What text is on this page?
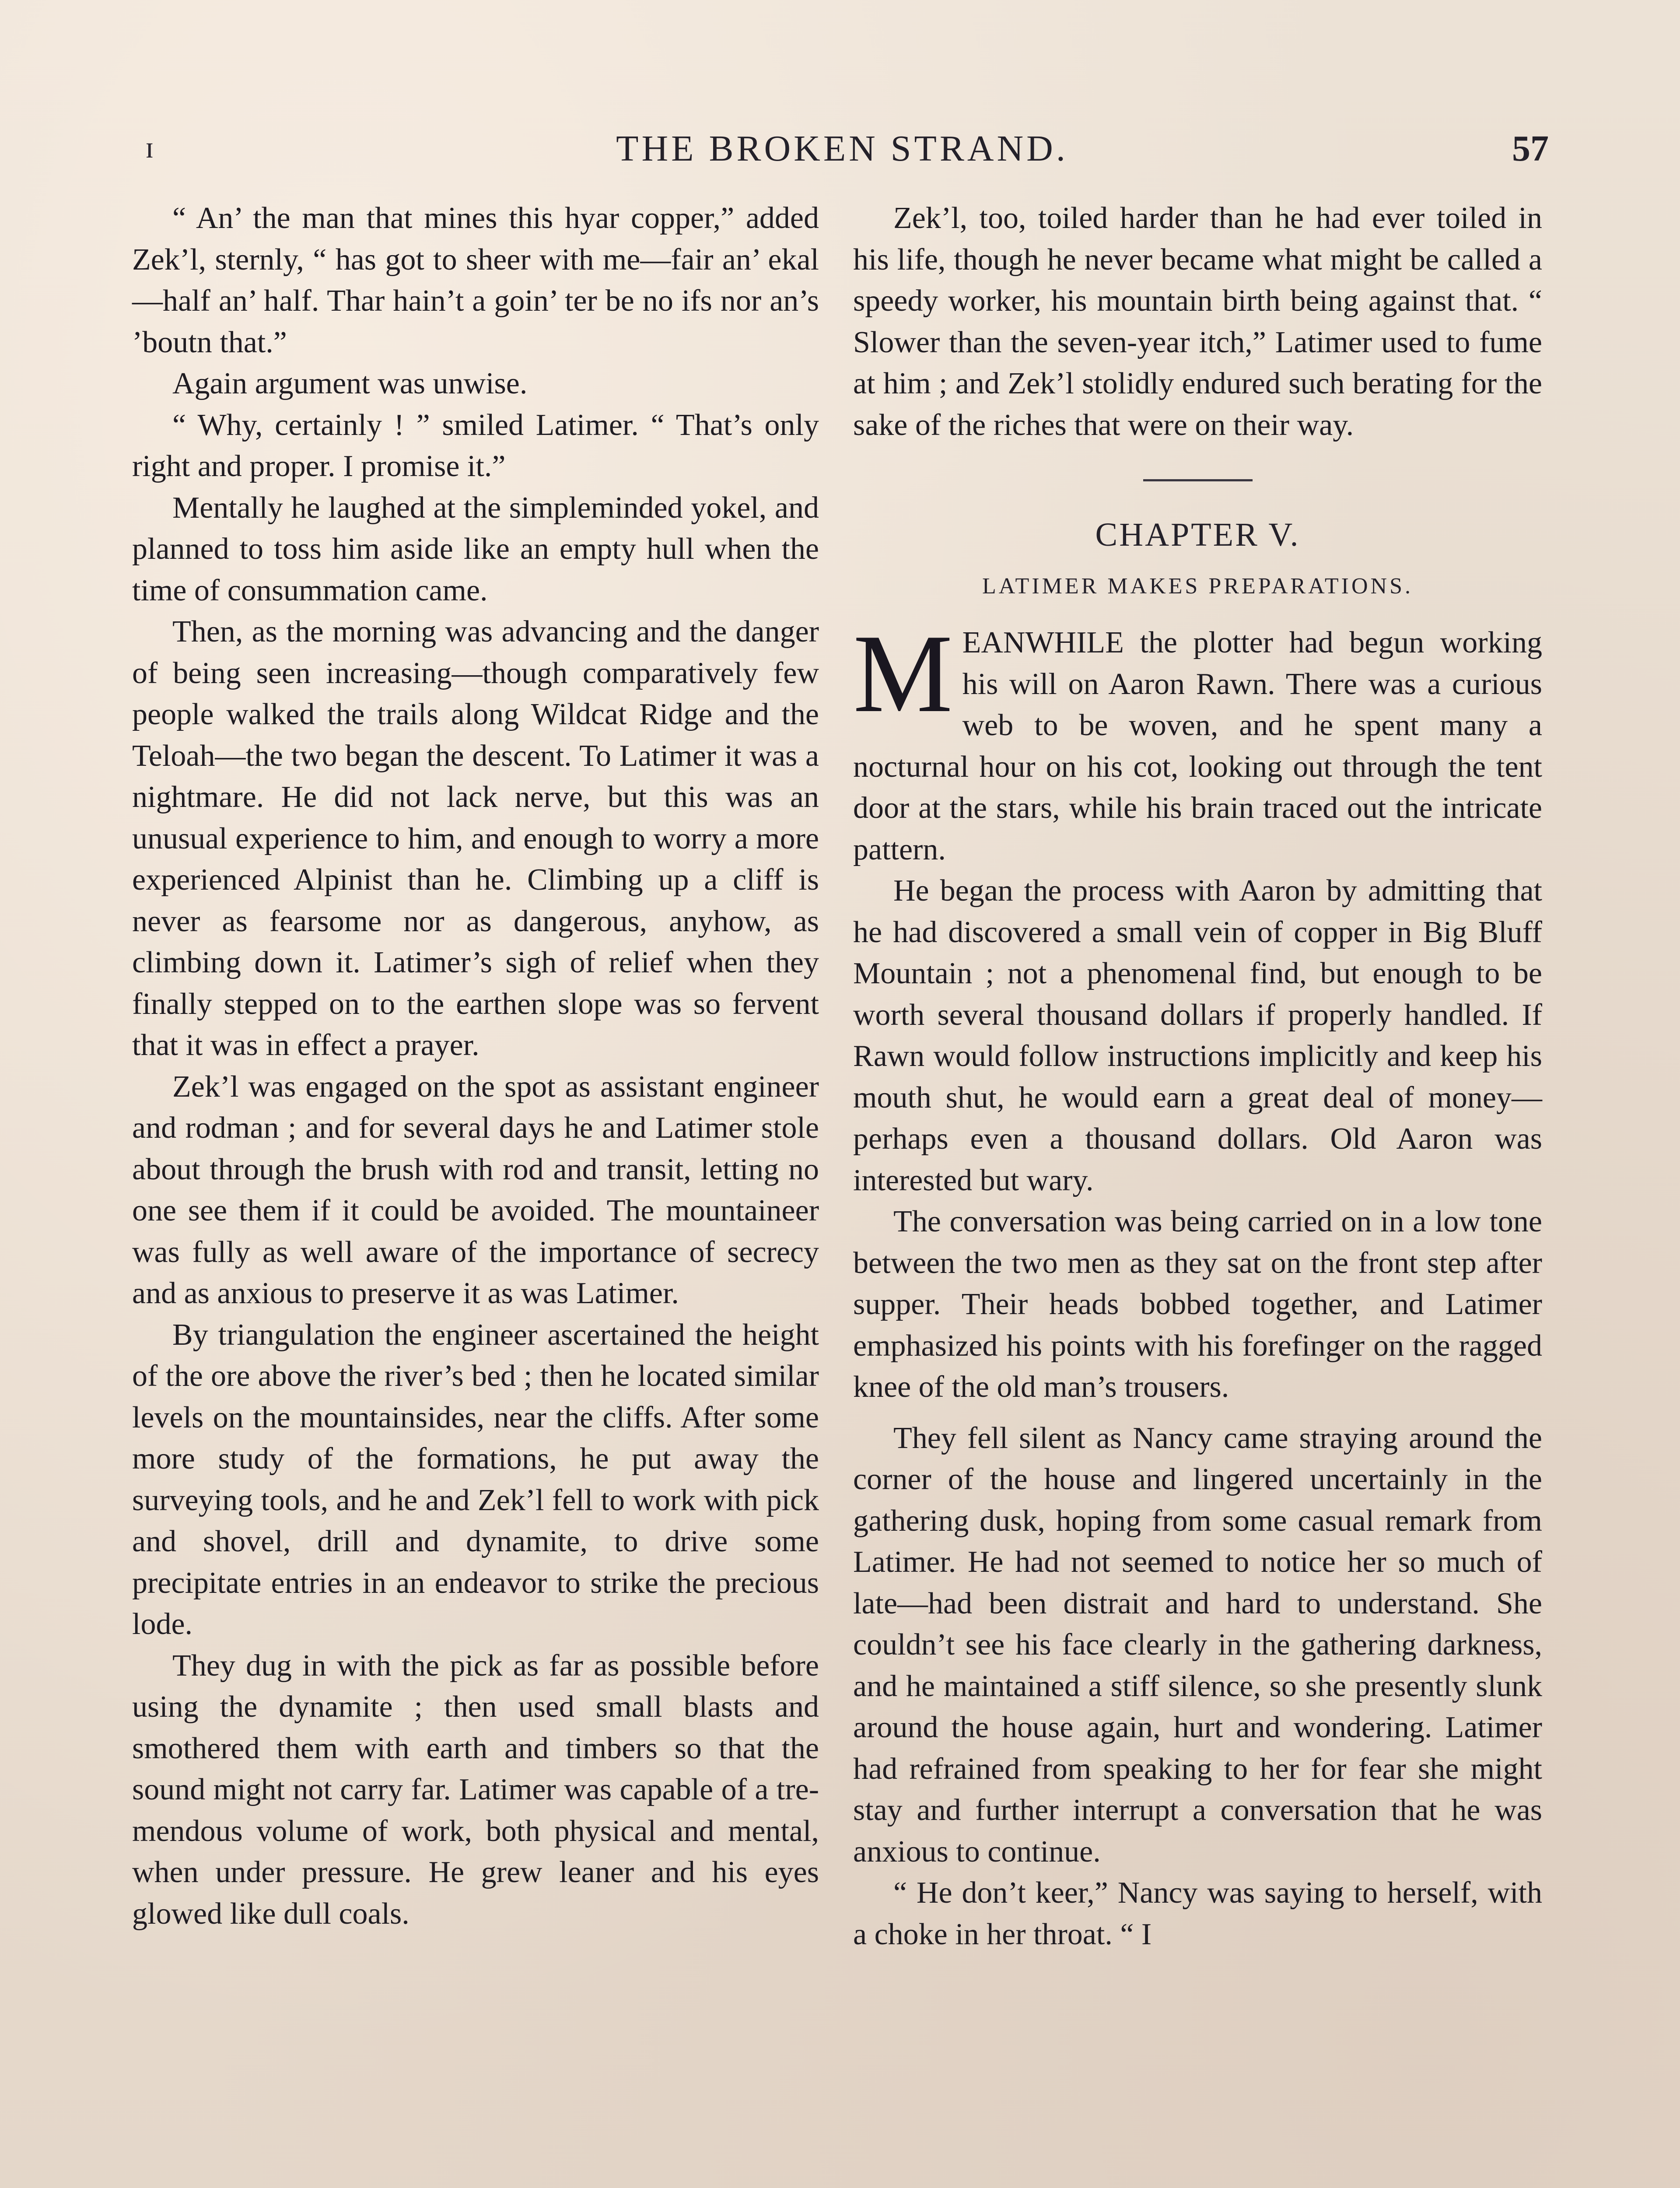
ɪ	THE BROKEN STRAND.	57

“ An’ the man that mines this hyar copper,” added Zek’l, sternly, “ has got to sheer with me—fair an’ ekal—half an’ half. Thar hain’t a goin’ ter be no ifs nor an’s ’boutn that.”

Again argument was unwise.

“ Why, certainly ! ” smiled Latimer. “ That’s only right and proper. I promise it.”

Mentally he laughed at the simpleminded yokel, and planned to toss him aside like an empty hull when the time of consummation came.

Then, as the morning was advancing and the danger of being seen increasing—though comparatively few people walked the trails along Wildcat Ridge and the Teloah—the two began the descent. To Latimer it was a nightmare. He did not lack nerve, but this was an unusual experience to him, and enough to worry a more experienced Alpinist than he. Climbing up a cliff is never as fearsome nor as dangerous, anyhow, as climbing down it. Latimer’s sigh of relief when they finally stepped on to the earthen slope was so fervent that it was in effect a prayer.

Zek’l was engaged on the spot as assistant engineer and rodman ; and for several days he and Latimer stole about through the brush with rod and transit, letting no one see them if it could be avoided. The mountaineer was fully as well aware of the importance of secrecy and as anxious to preserve it as was Latimer.

By triangulation the engineer ascertained the height of the ore above the river’s bed ; then he located similar levels on the mountainsides, near the cliffs. After some more study of the formations, he put away the surveying tools, and he and Zek’l fell to work with pick and shovel, drill and dynamite, to drive some precipitate entries in an endeavor to strike the precious lode.

They dug in with the pick as far as possible before using the dynamite ; then used small blasts and smothered them with earth and timbers so that the sound might not carry far. Latimer was capable of a tremendous volume of work, both physical and mental, when under pressure. He grew leaner and his eyes glowed like dull coals.

Zek’l, too, toiled harder than he had ever toiled in his life, though he never became what might be called a speedy worker, his mountain birth being against that. “ Slower than the seven-year itch,” Latimer used to fume at him ; and Zek’l stolidly endured such berating for the sake of the riches that were on their way.

CHAPTER V.
LATIMER MAKES PREPARATIONS.

MEANWHILE the plotter had begun working his will on Aaron Rawn. There was a curious web to be woven, and he spent many a nocturnal hour on his cot, looking out through the tent door at the stars, while his brain traced out the intricate pattern.

He began the process with Aaron by admitting that he had discovered a small vein of copper in Big Bluff Mountain ; not a phenomenal find, but enough to be worth several thousand dollars if properly handled. If Rawn would follow instructions implicitly and keep his mouth shut, he would earn a great deal of money—perhaps even a thousand dollars. Old Aaron was interested but wary.

The conversation was being carried on in a low tone between the two men as they sat on the front step after supper. Their heads bobbed together, and Latimer emphasized his points with his forefinger on the ragged knee of the old man’s trousers.

They fell silent as Nancy came straying around the corner of the house and lingered uncertainly in the gathering dusk, hoping from some casual remark from Latimer. He had not seemed to notice her so much of late—had been distrait and hard to understand. She couldn’t see his face clearly in the gathering darkness, and he maintained a stiff silence, so she presently slunk around the house again, hurt and wondering. Latimer had refrained from speaking to her for fear she might stay and further interrupt a conversation that he was anxious to continue.

“ He don’t keer,” Nancy was saying to herself, with a choke in her throat. “ I
